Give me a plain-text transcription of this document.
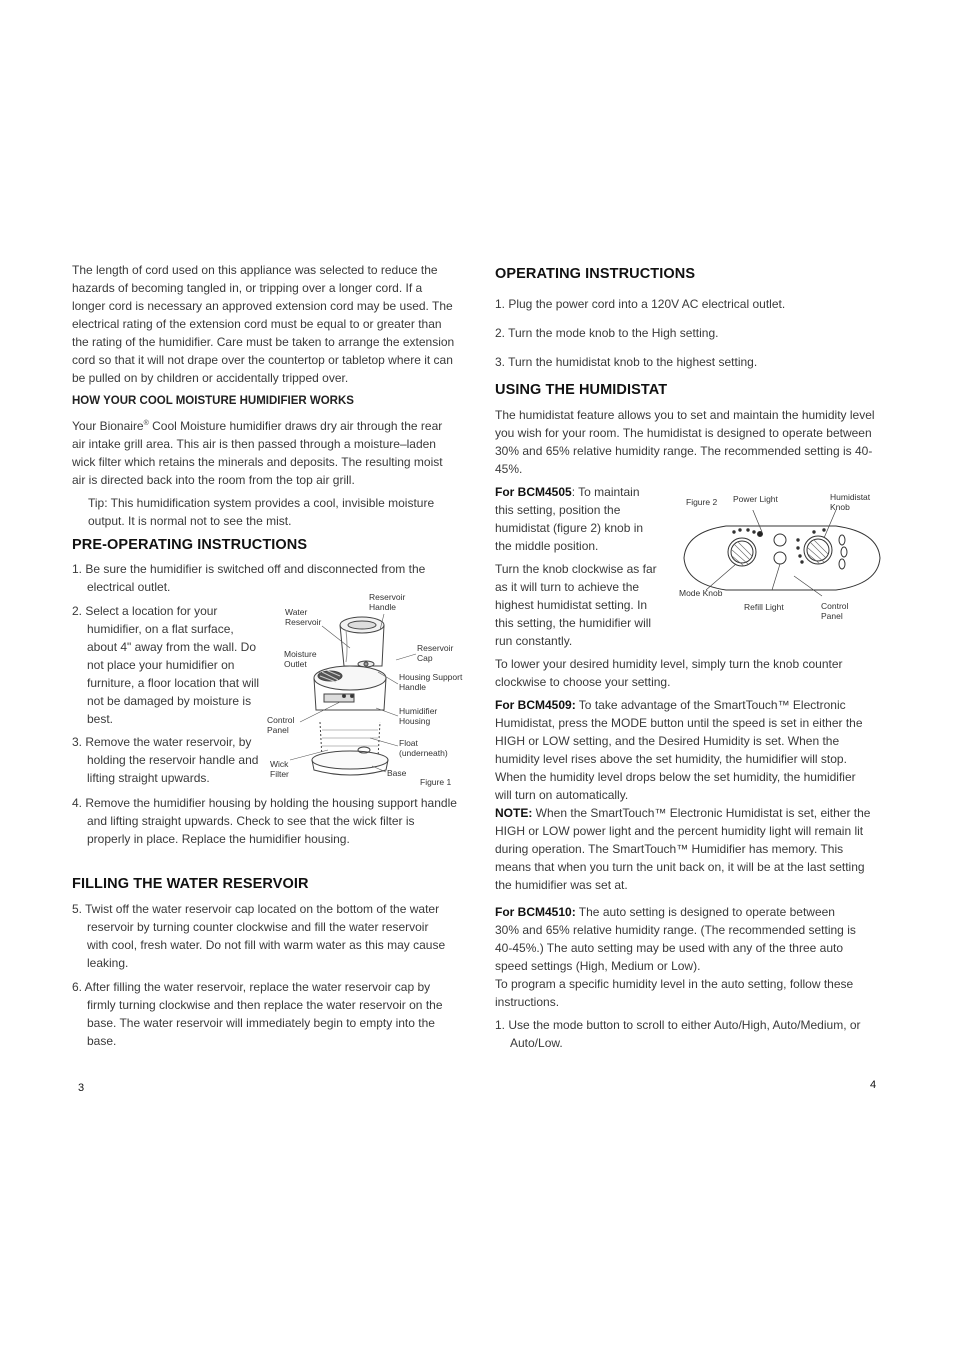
The length of cord used on this appliance was selected to reduce the hazards of becoming tangled in, or tripping over a longer cord. If a longer cord is necessary an approved extension cord may be used. The electrical rating of the extension cord must be equal to or greater than the rating of the humidifier. Care must be taken to arrange the extension cord so that it will not drape over the countertop or tabletop where it can be pulled on by children or accidentally tripped over.

HOW YOUR COOL MOISTURE HUMIDIFIER WORKS

Your Bionaire® Cool Moisture humidifier draws dry air through the rear air intake grill area. This air is then passed through a moisture–laden wick filter which retains the minerals and deposits. The resulting moist air is directed back into the room from the top air grill.

Tip: This humidification system provides a cool, invisible moisture output. It is normal not to see the mist.

PRE-OPERATING INSTRUCTIONS

1. Be sure the humidifier is switched off and disconnected from the electrical outlet.

2. Select a location for your humidifier, on a flat surface, about 4" away from the wall. Do not place your humidifier on furniture, a floor location that will not be damaged by moisture is best.

3. Remove the water reservoir, by holding the reservoir handle and lifting straight upwards.

4. Remove the humidifier housing by holding the housing support handle and lifting straight upwards. Check to see that the wick filter is properly in place. Replace the humidifier housing.

FILLING THE WATER RESERVOIR

5. Twist off the water reservoir cap located on the bottom of the water reservoir by turning counter clockwise and fill the water reservoir with cool, fresh water. Do not fill with warm water as this may cause leaking.

6. After filling the water reservoir, replace the water reservoir cap by firmly turning clockwise and then replace the water reservoir on the base. The water reservoir will immediately begin to empty into the base.

3

Reservoir Handle

Water Reservoir

Reservoir Cap

Moisture Outlet

Housing Support Handle

Humidifier Housing

Control Panel

Float (underneath)

Wick Filter	Base

Figure 1

OPERATING INSTRUCTIONS

1. Plug the power cord into a 120V AC electrical outlet.

2. Turn the mode knob to the High setting.

3. Turn the humidistat knob to the highest setting.

USING THE HUMIDISTAT

The humidistat feature allows you to set and maintain the humidity level you wish for your room. The humidistat is designed to operate between 30% and 65% relative humidity range. The recommended setting is 40-45%.

For BCM4505: To maintain this setting, position the humidistat (figure 2) knob in the middle position.

Turn the knob clockwise as far as it will turn to achieve the highest humidistat setting. In this setting, the humidifier will run constantly.

To lower your desired humidity level, simply turn the knob counter clockwise to choose your setting.

For BCM4509: To take advantage of the SmartTouch™ Electronic Humidistat, press the MODE button until the speed is set in either the HIGH or LOW setting, and the Desired Humidity is set. When the humidity level rises above the set humidity, the humidifier will stop. When the humidity level drops below the set humidity, the humidifier will turn on automatically.

NOTE: When the SmartTouch™ Electronic Humidistat is set, either the HIGH or LOW power light and the percent humidity light will remain lit during operation. The SmartTouch™ Humidifier has memory. This means that when you turn the unit back on, it will be at the last setting the humidifier was set at.

For BCM4510: The auto setting is designed to operate between 30% and 65% relative humidity range. (The recommended setting is 40-45%.) The auto setting may be used with any of the three auto speed settings (High, Medium or Low).

To program a specific humidity level in the auto setting, follow these instructions.

1. Use the mode button to scroll to either Auto/High, Auto/Medium, or Auto/Low.

4

Figure 2 Power Light	Humidistat Knob

Mode Knob

Refill Light	Control Panel
